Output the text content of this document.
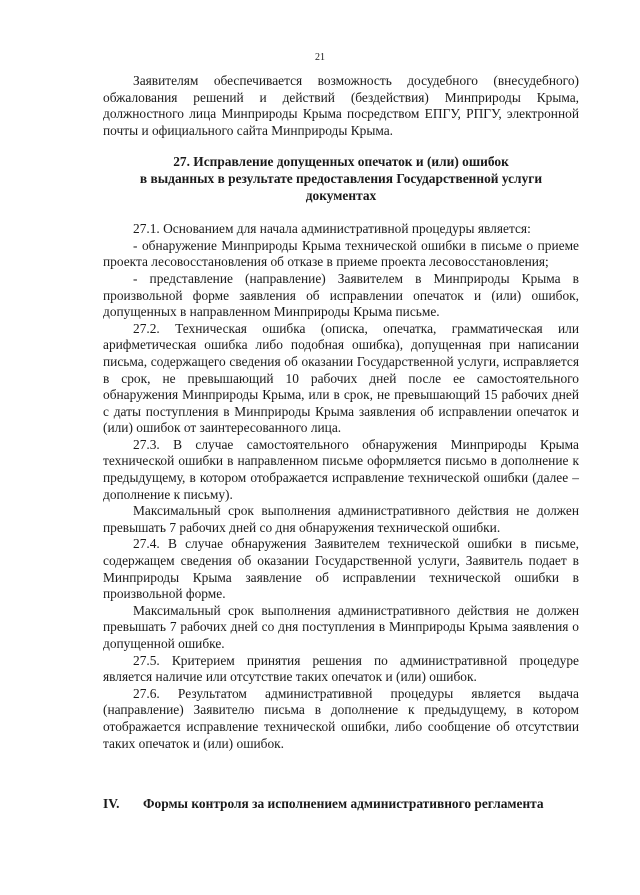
21

Заявителям обеспечивается возможность досудебного (внесудебного) обжалования решений и действий (бездействия) Минприроды Крыма, должностного лица Минприроды Крыма посредством ЕПГУ, РПГУ, электронной почты и официального сайта Минприроды Крыма.

27. Исправление допущенных опечаток и (или) ошибок
в выданных в результате предоставления Государственной услуги
документах

27.1. Основанием для начала административной процедуры является:

- обнаружение Минприроды Крыма технической ошибки в письме о приеме проекта лесовосстановления об отказе в приеме проекта лесовосстановления;

- представление (направление) Заявителем в Минприроды Крыма в произвольной форме заявления об исправлении опечаток и (или) ошибок, допущенных в направленном Минприроды Крыма письме.

27.2. Техническая ошибка (описка, опечатка, грамматическая или арифметическая ошибка либо подобная ошибка), допущенная при написании письма, содержащего сведения об оказании Государственной услуги, исправляется в срок, не превышающий 10 рабочих дней после ее самостоятельного обнаружения Минприроды Крыма, или в срок, не превышающий 15 рабочих дней с даты поступления в Минприроды Крыма заявления об исправлении опечаток и (или) ошибок от заинтересованного лица.

27.3. В случае самостоятельного обнаружения Минприроды Крыма технической ошибки в направленном письме оформляется письмо в дополнение к предыдущему, в котором отображается исправление технической ошибки (далее – дополнение к письму).

Максимальный срок выполнения административного действия не должен превышать 7 рабочих дней со дня обнаружения технической ошибки.

27.4. В случае обнаружения Заявителем технической ошибки в письме, содержащем сведения об оказании Государственной услуги, Заявитель подает в Минприроды Крыма заявление об исправлении технической ошибки в произвольной форме.

Максимальный срок выполнения административного действия не должен превышать 7 рабочих дней со дня поступления в Минприроды Крыма заявления о допущенной ошибке.

27.5. Критерием принятия решения по административной процедуре является наличие или отсутствие таких опечаток и (или) ошибок.

27.6. Результатом административной процедуры является выдача (направление) Заявителю письма в дополнение к предыдущему, в котором отображается исправление технической ошибки, либо сообщение об отсутствии таких опечаток и (или) ошибок.

IV. Формы контроля за исполнением административного регламента
